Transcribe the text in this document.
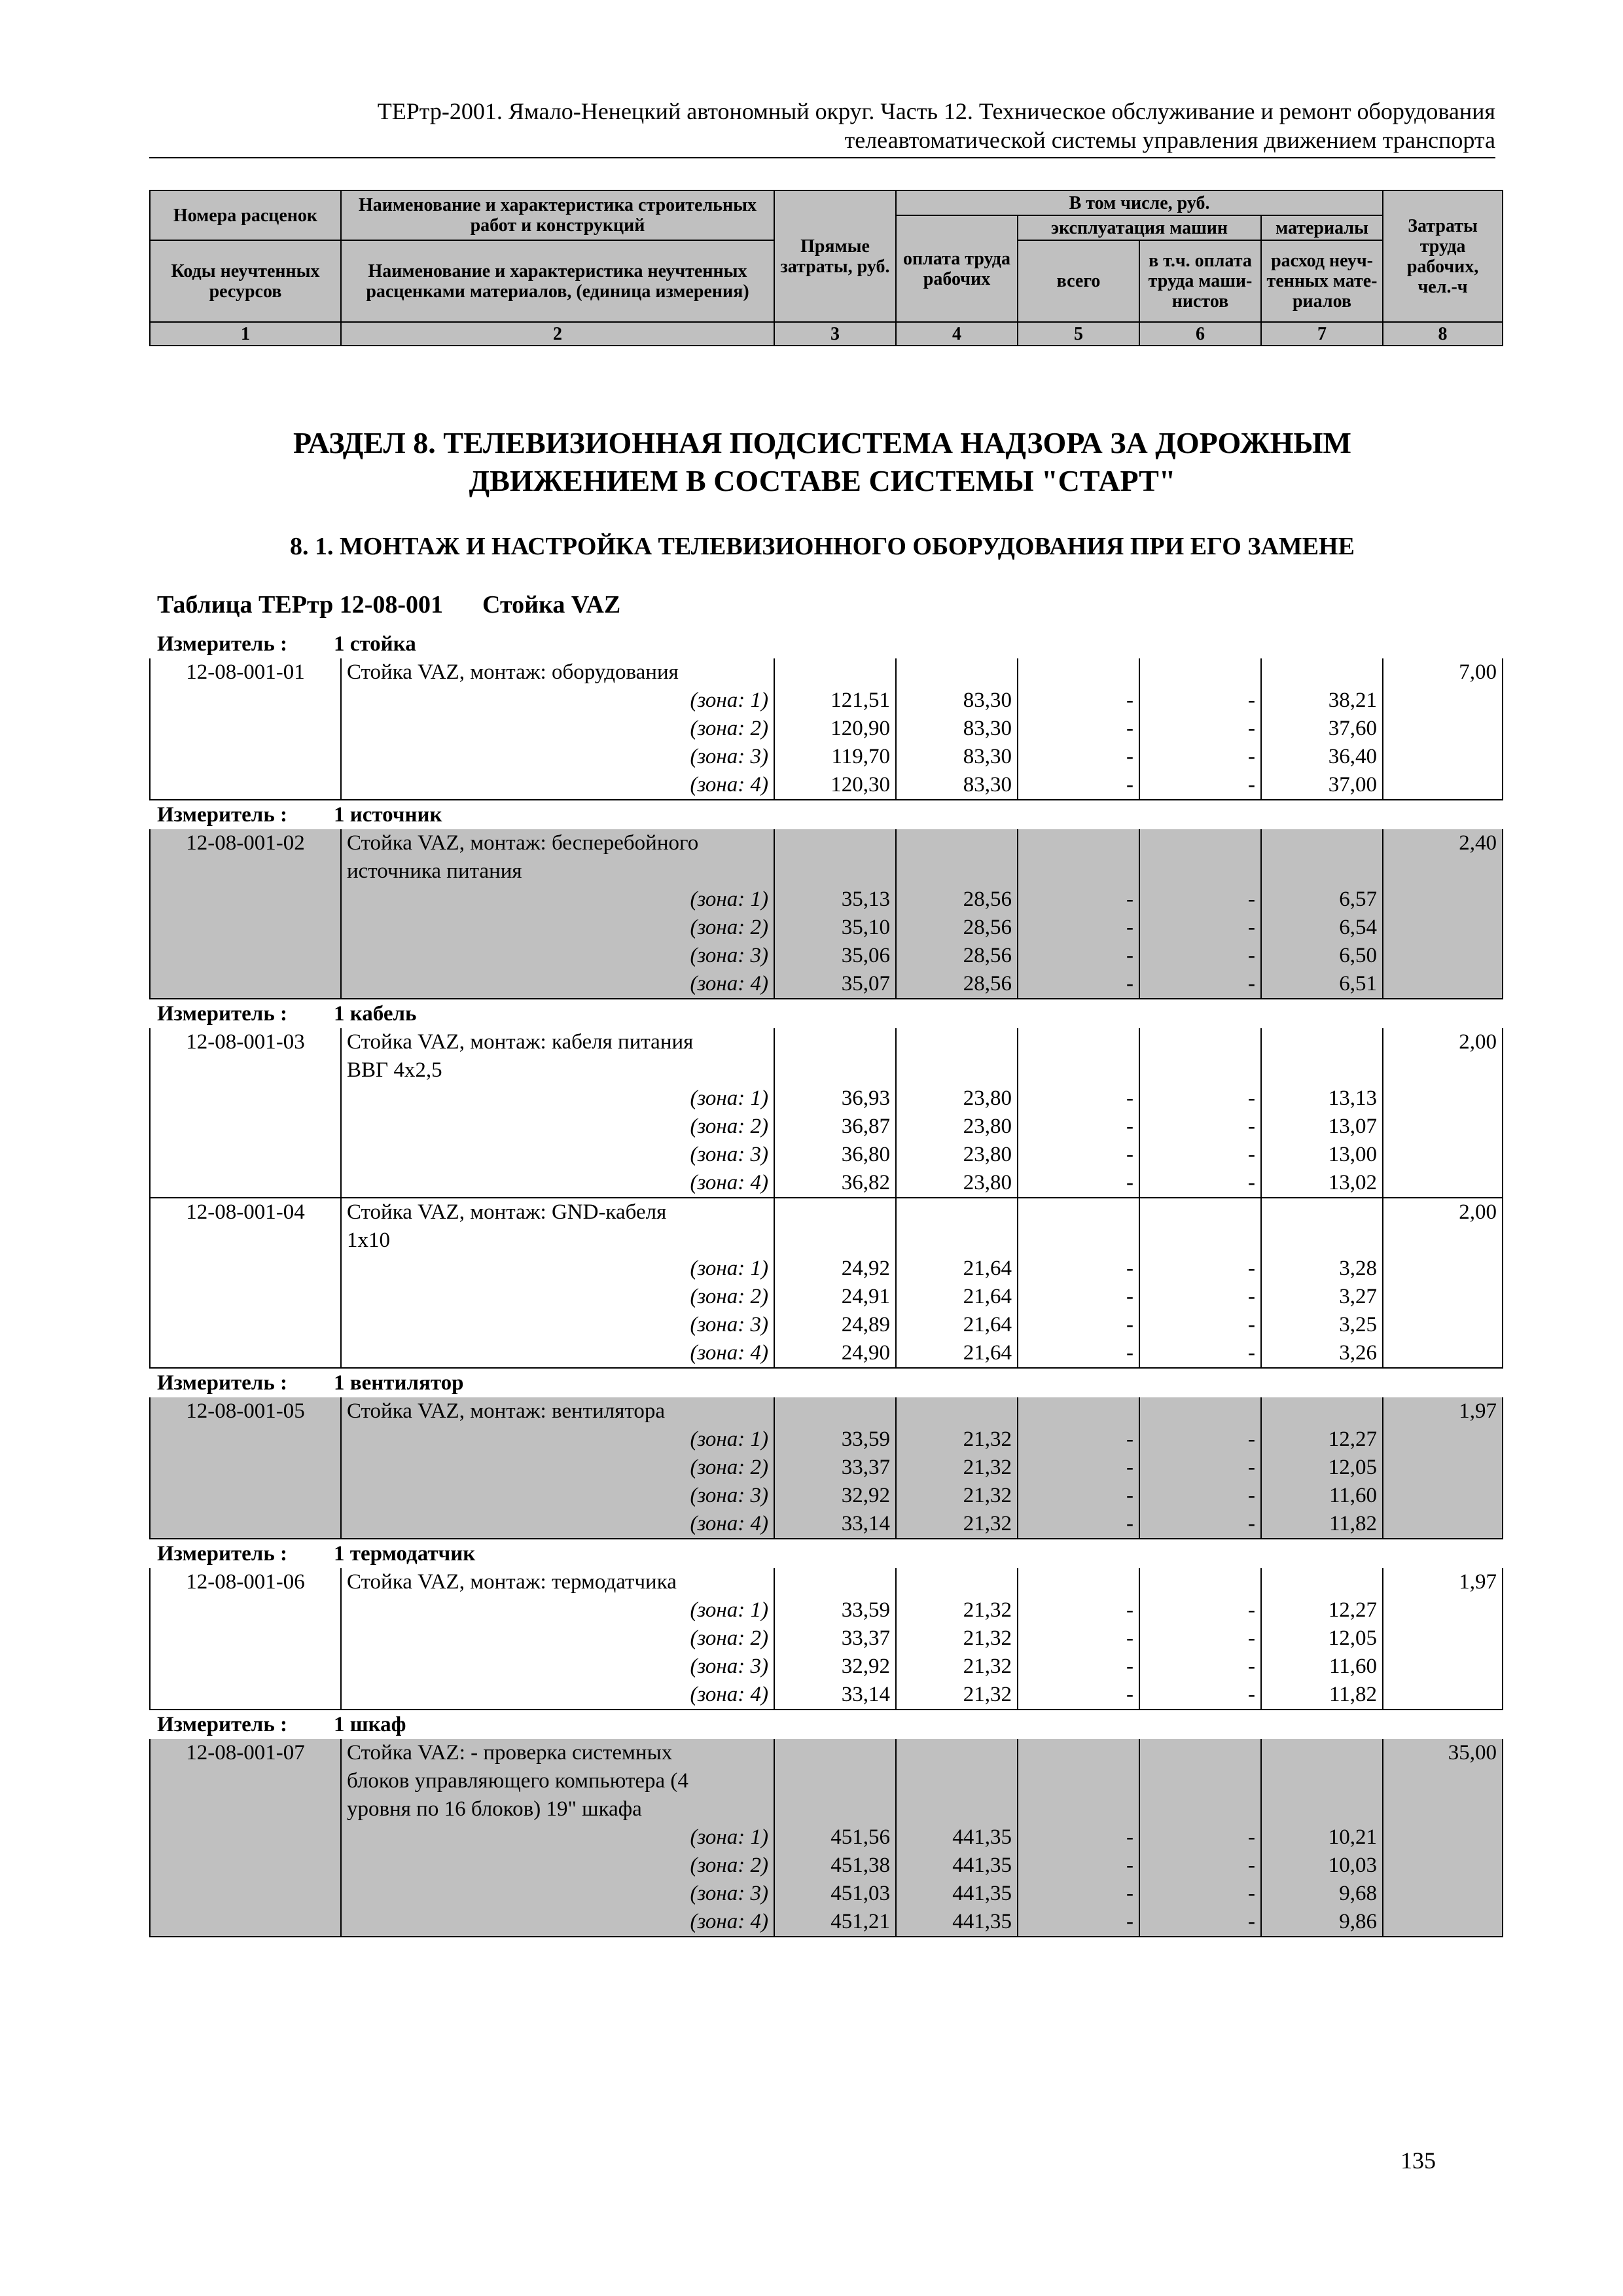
ТЕРтр-2001. Ямало-Ненецкий автономный округ. Часть 12. Техническое обслуживание и ремонт оборудования
телеавтоматической системы управления движением транспорта
Номера расценок	Наименование и характеристика строительных работ и конструкций	Прямые затраты, руб.	В том числе, руб.				Затраты труда рабочих, чел.-ч
			оплата труда рабочих	эксплуатация машин		материалы	
Коды неучтенных ресурсов	Наименование и характеристика неучтенных расценками материалов, (единица измерения)			всего	в т.ч. оплата труда маши-нистов	расход неуч-тенных мате-риалов	

1	2	3	4	5	6	7	8
РАЗДЕЛ 8. ТЕЛЕВИЗИОННАЯ ПОДСИСТЕМА НАДЗОРА ЗА ДОРОЖНЫМ
ДВИЖЕНИЕМ В СОСТАВЕ СИСТЕМЫ "СТАРТ"
8. 1. МОНТАЖ И НАСТРОЙКА ТЕЛЕВИЗИОННОГО ОБОРУДОВАНИЯ ПРИ ЕГО ЗАМЕНЕ
Таблица ТЕРтр 12-08-001 Стойка VAZ
Измеритель : 1 стойка
12-08-001-01	Стойка VAZ, монтаж: оборудования						7,00
	(зона: 1)	121,51	83,30	-	-	38,21	
	(зона: 2)	120,90	83,30	-	-	37,60	
	(зона: 3)	119,70	83,30	-	-	36,40	
	(зона: 4)	120,30	83,30	-	-	37,00	
Измеритель : 1 источник
12-08-001-02	Стойка VAZ, монтаж: бесперебойного						2,40
	источника питания						
	(зона: 1)	35,13	28,56	-	-	6,57	
	(зона: 2)	35,10	28,56	-	-	6,54	
	(зона: 3)	35,06	28,56	-	-	6,50	
	(зона: 4)	35,07	28,56	-	-	6,51	
Измеритель : 1 кабель
12-08-001-03	Стойка VAZ, монтаж: кабеля питания						2,00
	ВВГ 4х2,5						
	(зона: 1)	36,93	23,80	-	-	13,13	
	(зона: 2)	36,87	23,80	-	-	13,07	
	(зона: 3)	36,80	23,80	-	-	13,00	
	(зона: 4)	36,82	23,80	-	-	13,02	
12-08-001-04	Стойка VAZ, монтаж: GND-кабеля						2,00
	1х10						
	(зона: 1)	24,92	21,64	-	-	3,28	
	(зона: 2)	24,91	21,64	-	-	3,27	
	(зона: 3)	24,89	21,64	-	-	3,25	
	(зона: 4)	24,90	21,64	-	-	3,26	
Измеритель : 1 вентилятор
12-08-001-05	Стойка VAZ, монтаж: вентилятора						1,97
	(зона: 1)	33,59	21,32	-	-	12,27	
	(зона: 2)	33,37	21,32	-	-	12,05	
	(зона: 3)	32,92	21,32	-	-	11,60	
	(зона: 4)	33,14	21,32	-	-	11,82	
Измеритель : 1 термодатчик
12-08-001-06	Стойка VAZ, монтаж: термодатчика						1,97
	(зона: 1)	33,59	21,32	-	-	12,27	
	(зона: 2)	33,37	21,32	-	-	12,05	
	(зона: 3)	32,92	21,32	-	-	11,60	
	(зона: 4)	33,14	21,32	-	-	11,82	
Измеритель : 1 шкаф
12-08-001-07	Стойка VAZ: - проверка системных						35,00
	блоков управляющего компьютера (4						
	уровня по 16 блоков) 19" шкафа						
	(зона: 1)	451,56	441,35	-	-	10,21	
	(зона: 2)	451,38	441,35	-	-	10,03	
	(зона: 3)	451,03	441,35	-	-	9,68	
	(зона: 4)	451,21	441,35	-	-	9,86	
135
